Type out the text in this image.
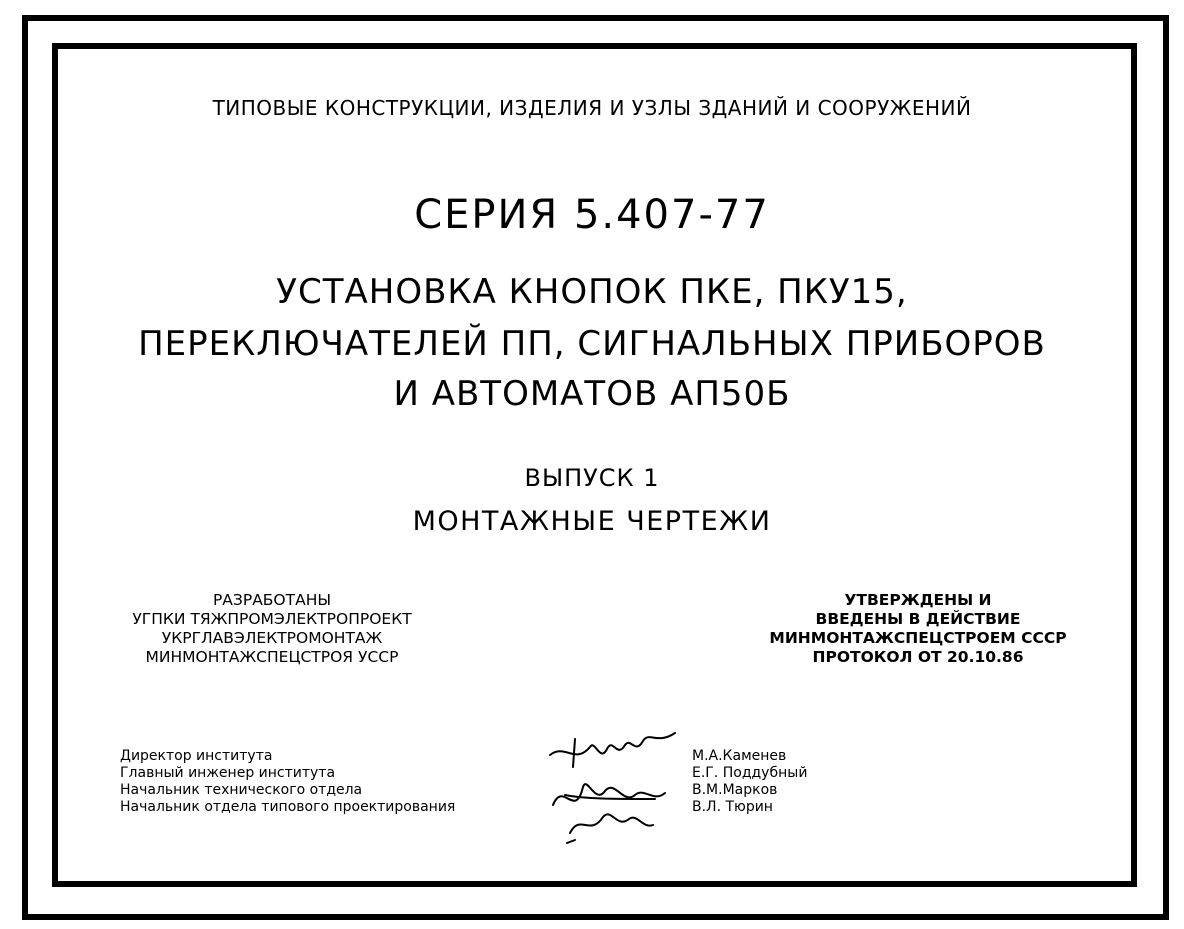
ТИПОВЫЕ КОНСТРУКЦИИ, ИЗДЕЛИЯ И УЗЛЫ ЗДАНИЙ И СООРУЖЕНИЙ
СЕРИЯ 5.407-77
УСТАНОВКА КНОПОК ПКЕ, ПКУ15,
ПЕРЕКЛЮЧАТЕЛЕЙ ПП, СИГНАЛЬНЫХ ПРИБОРОВ
И АВТОМАТОВ АП50Б
ВЫПУСК 1
МОНТАЖНЫЕ ЧЕРТЕЖИ
РАЗРАБОТАНЫ
УГПКИ ТЯЖПРОМЭЛЕКТРОПРОЕКТ
УКРГЛАВЭЛЕКТРОМОНТАЖ
МИНМОНТАЖСПЕЦСТРОЯ УССР
УТВЕРЖДЕНЫ И
ВВЕДЕНЫ В ДЕЙСТВИЕ
МИНМОНТАЖСПЕЦСТРОЕМ СССР
ПРОТОКОЛ ОТ 20.10.86
Директор института
Главный инженер института
Начальник технического отдела
Начальник отдела типового проектирования
М.А.Каменев
Е.Г. Поддубный
В.М.Марков
В.Л. Тюрин
